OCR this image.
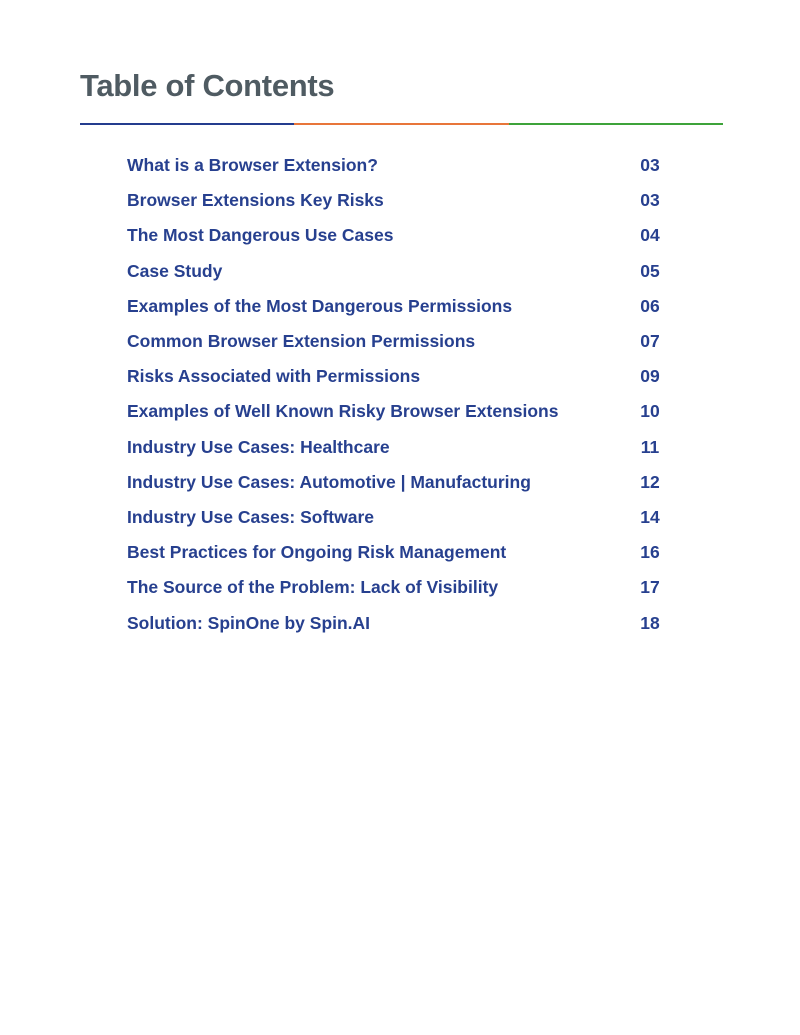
Table of Contents
What is a Browser Extension?	03
Browser Extensions Key Risks	03
The Most Dangerous Use Cases	04
Case Study	05
Examples of the Most Dangerous Permissions	06
Common Browser Extension Permissions	07
Risks Associated with Permissions	09
Examples of Well Known Risky Browser Extensions	10
Industry Use Cases: Healthcare	11
Industry Use Cases: Automotive | Manufacturing	12
Industry Use Cases: Software	14
Best Practices for Ongoing Risk Management	16
The Source of the Problem: Lack of Visibility	17
Solution: SpinOne by Spin.AI	18
